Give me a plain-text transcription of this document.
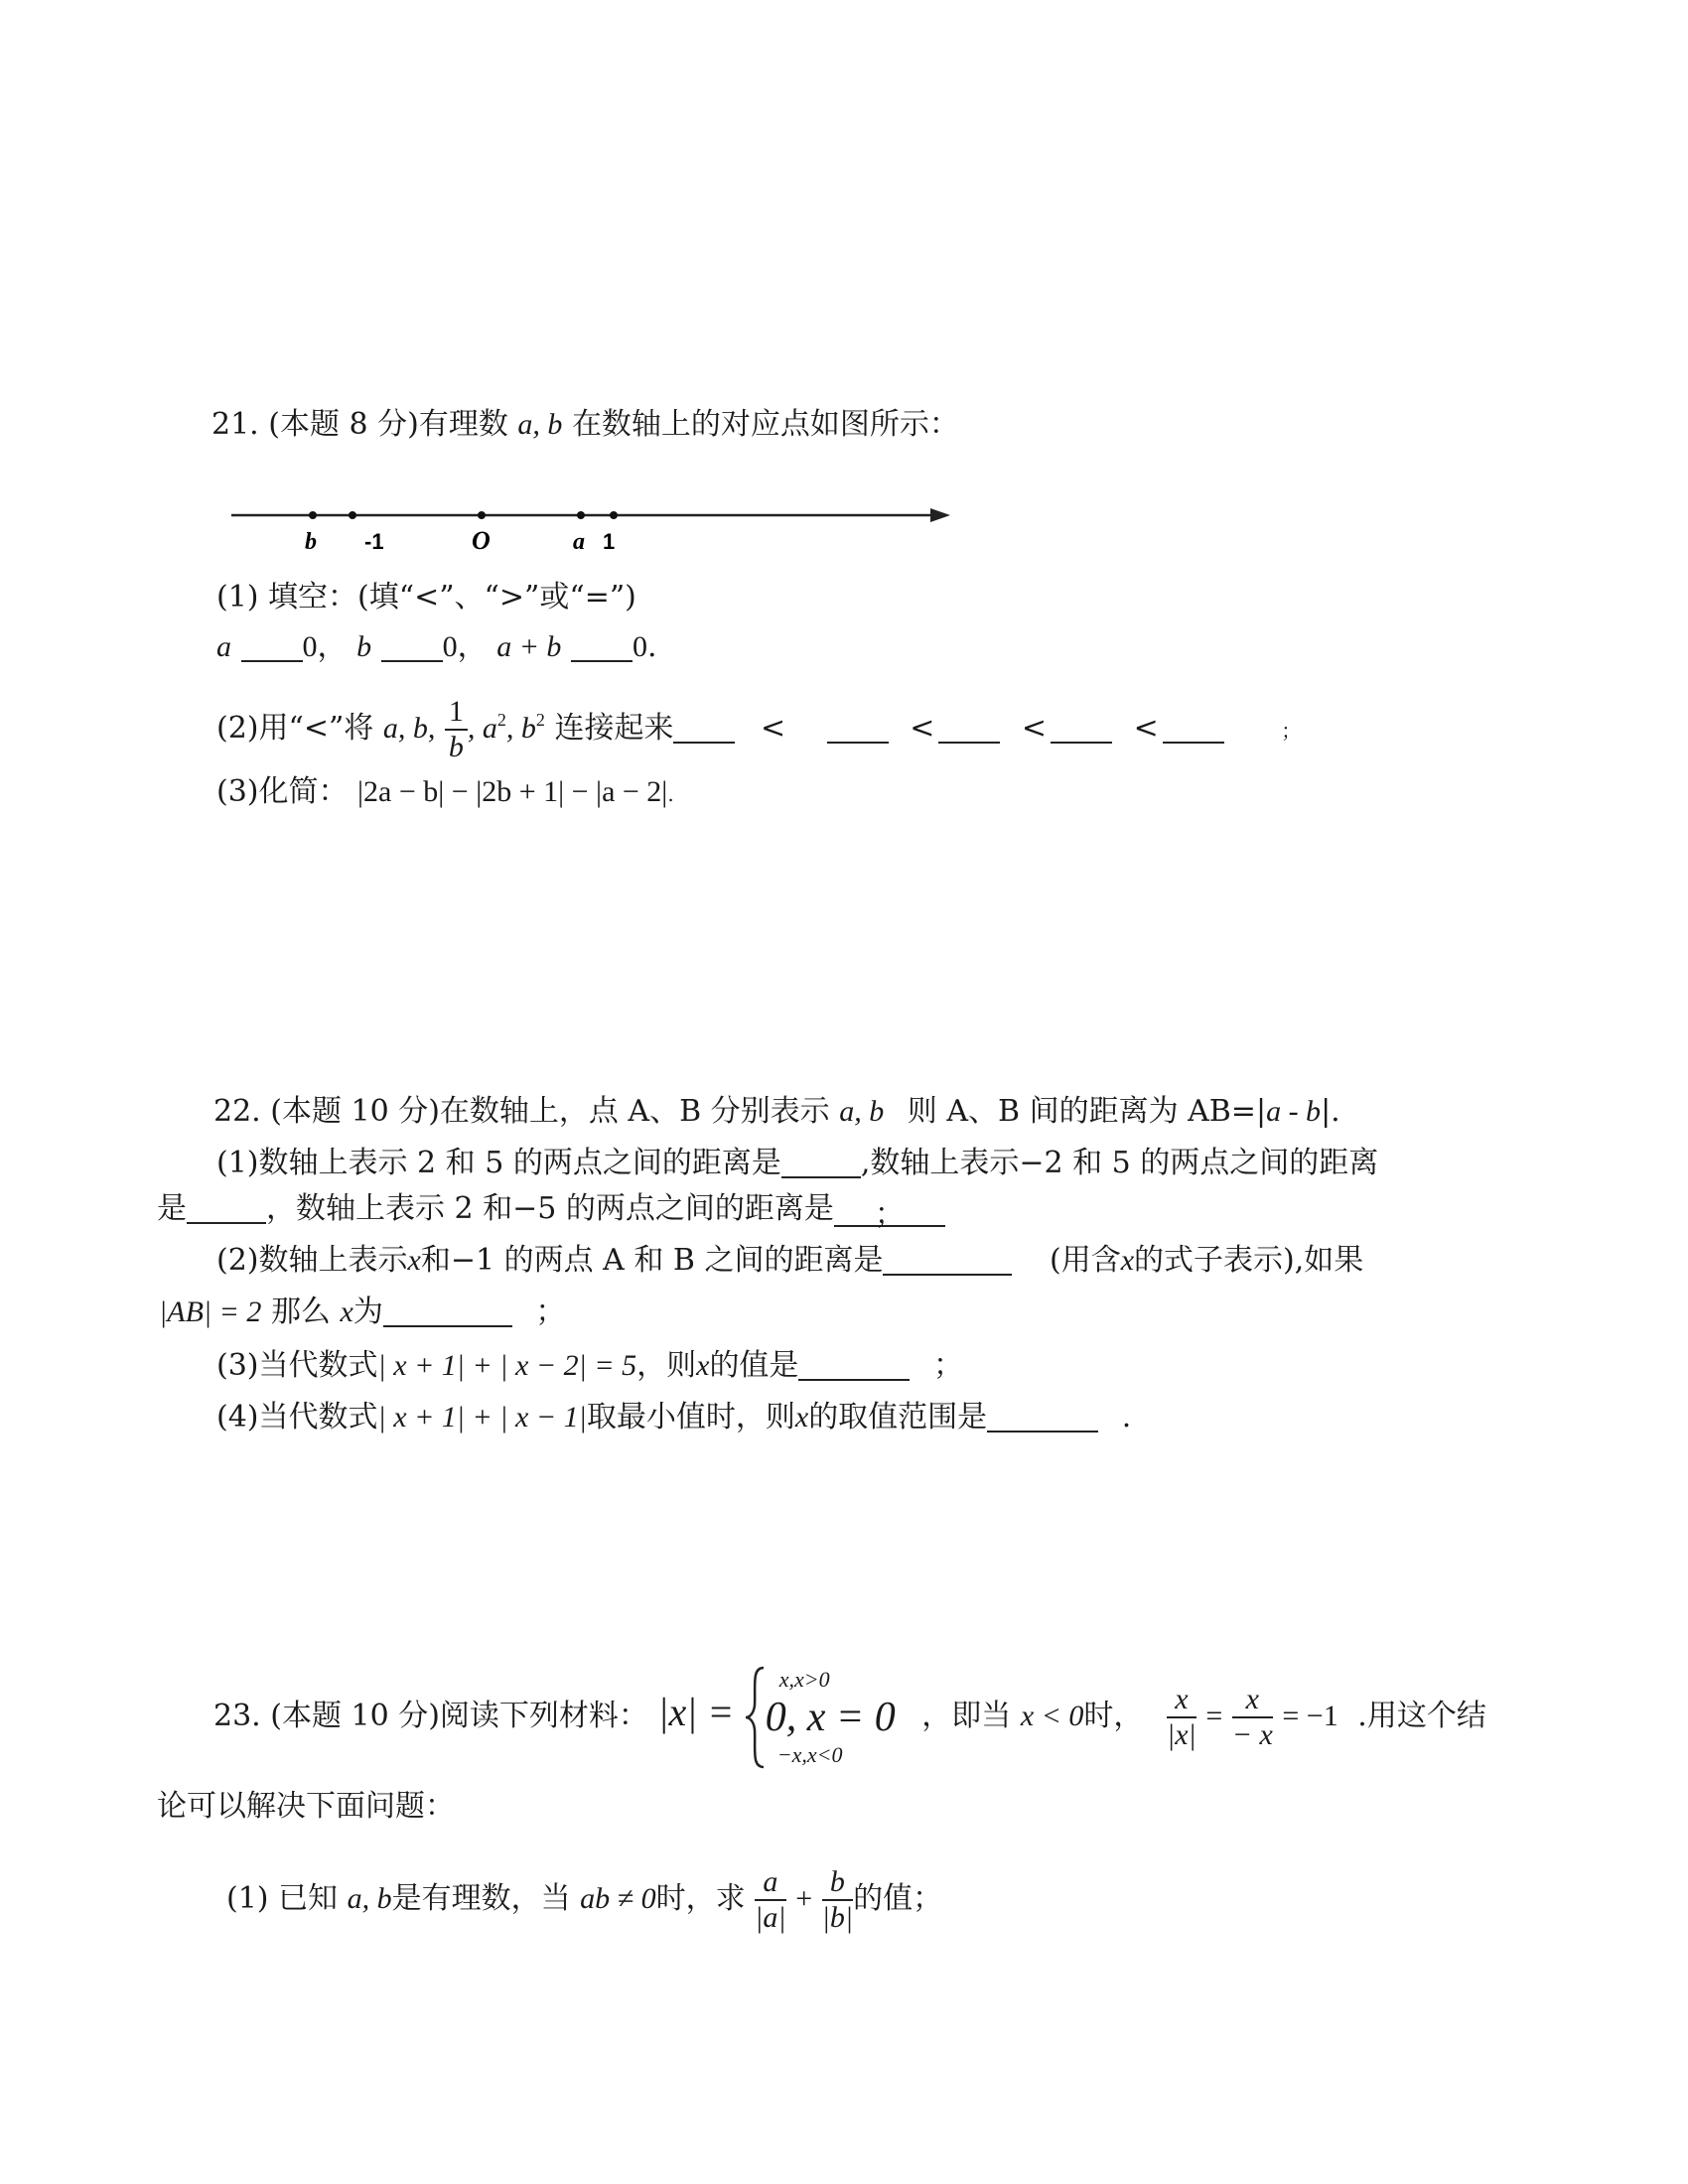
21. (本题 8 分)有理数 a, b 在数轴上的对应点如图所示：
b -1	O	a 1
(1) 填空：(填“<”、“>”或“=”)
a 0， b 0， a + b 0.
(2)用“<”将 a, b, $\frac{1}{b}$ , $a^2$, $b^2$ 连接起来	<	<	<	<	；
(3)化简： |2a − b| − |2b + 1| − |a − 2|.
22. (本题 10 分)在数轴上，点 A、B 分别表示 a, b 则 A、B 间的距离为 AB=|a - b|.
(1)数轴上表示 2 和 5 的两点之间的距离是	,数轴上表示−2 和 5 的两点之间的距离
是	，数轴上表示 2 和−5 的两点之间的距离是 ；
(2)数轴上表示x和−1 的两点 A 和 B 之间的距离是	(用含x的式子表示),如果
|AB| = 2 那么 x为	；
(3)当代数式| x + 1| + | x − 2| = 5，则x的值是	；
(4)当代数式| x + 1| + | x − 1|取最小值时，则x的取值范围是	.
23. (本题 10 分)阅读下列材料： |x| =
x,x>0
0, x = 0
−x,x<0
，即当 x < 0时， $\frac{x}{|x|} = \frac{x}{- x} = -1$ .用这个结
论可以解决下面问题：
(1) 已知 a, b是有理数，当 ab ≠ 0时，求 $\frac{a}{|a|} + \frac{b}{|b|}$ 的值；
